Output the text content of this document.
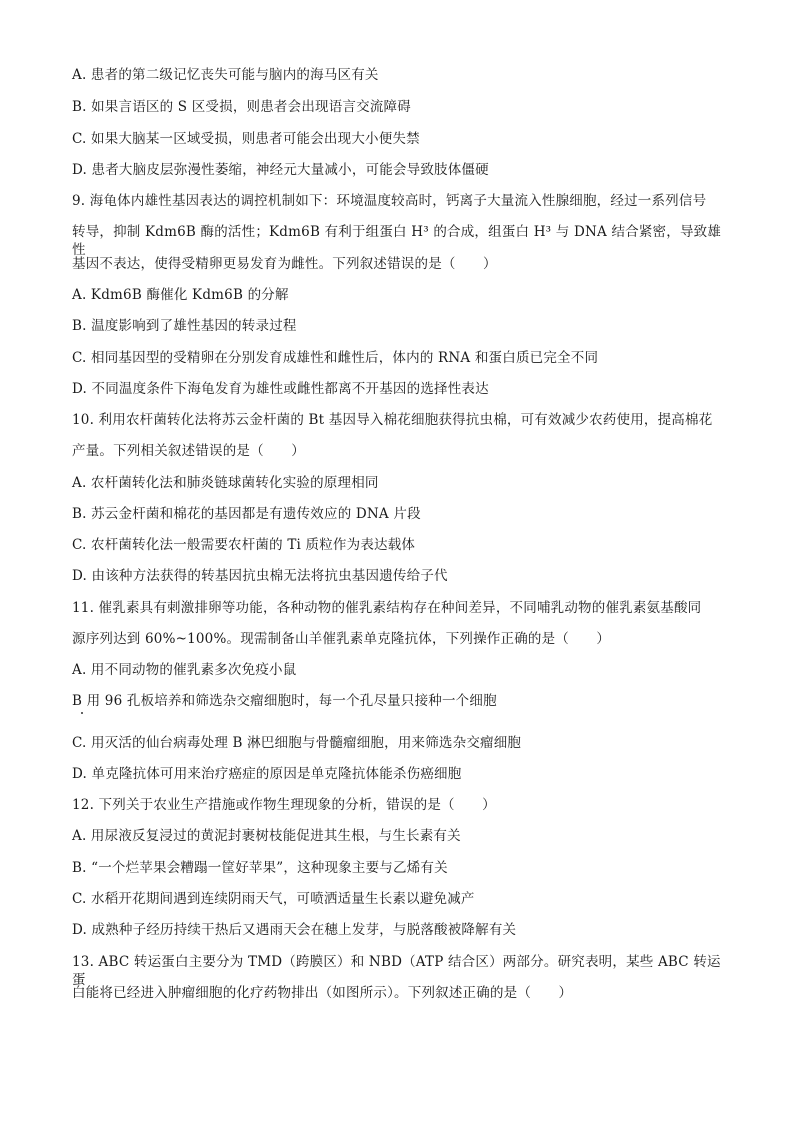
A. 患者的第二级记忆丧失可能与脑内的海马区有关
B. 如果言语区的 S 区受损，则患者会出现语言交流障碍
C. 如果大脑某一区域受损，则患者可能会出现大小便失禁
D. 患者大脑皮层弥漫性萎缩，神经元大量减小，可能会导致肢体僵硬
9. 海龟体内雄性基因表达的调控机制如下：环境温度较高时，钙离子大量流入性腺细胞，经过一系列信号
转导，抑制 Kdm6B 酶的活性；Kdm6B 有利于组蛋白 H³ 的合成，组蛋白 H³ 与 DNA 结合紧密，导致雄性
基因不表达，使得受精卵更易发育为雌性。下列叙述错误的是（　　）
A. Kdm6B 酶催化 Kdm6B 的分解
B. 温度影响到了雄性基因的转录过程
C. 相同基因型的受精卵在分别发育成雄性和雌性后，体内的 RNA 和蛋白质已完全不同
D. 不同温度条件下海龟发育为雄性或雌性都离不开基因的选择性表达
10. 利用农杆菌转化法将苏云金杆菌的 Bt 基因导入棉花细胞获得抗虫棉，可有效减少农药使用，提高棉花
产量。下列相关叙述错误的是（　　）
A. 农杆菌转化法和肺炎链球菌转化实验的原理相同
B. 苏云金杆菌和棉花的基因都是有遗传效应的 DNA 片段
C. 农杆菌转化法一般需要农杆菌的 Ti 质粒作为表达载体
D. 由该种方法获得的转基因抗虫棉无法将抗虫基因遗传给子代
11. 催乳素具有刺激排卵等功能，各种动物的催乳素结构存在种间差异，不同哺乳动物的催乳素氨基酸同
源序列达到 60%~100%。现需制备山羊催乳素单克隆抗体，下列操作正确的是（　　）
A. 用不同动物的催乳素多次免疫小鼠
B 用 96 孔板培养和筛选杂交瘤细胞时，每一个孔尽量只接种一个细胞
C. 用灭活的仙台病毒处理 B 淋巴细胞与骨髓瘤细胞，用来筛选杂交瘤细胞
D. 单克隆抗体可用来治疗癌症的原因是单克隆抗体能杀伤癌细胞
12. 下列关于农业生产措施或作物生理现象的分析，错误的是（　　）
A. 用尿液反复浸过的黄泥封裹树枝能促进其生根，与生长素有关
B. “一个烂苹果会糟蹋一筐好苹果”，这种现象主要与乙烯有关
C. 水稻开花期间遇到连续阴雨天气，可喷洒适量生长素以避免减产
D. 成熟种子经历持续干热后又遇雨天会在穗上发芽，与脱落酸被降解有关
13. ABC 转运蛋白主要分为 TMD（跨膜区）和 NBD（ATP 结合区）两部分。研究表明，某些 ABC 转运蛋
白能将已经进入肿瘤细胞的化疗药物排出（如图所示）。下列叙述正确的是（　　）
